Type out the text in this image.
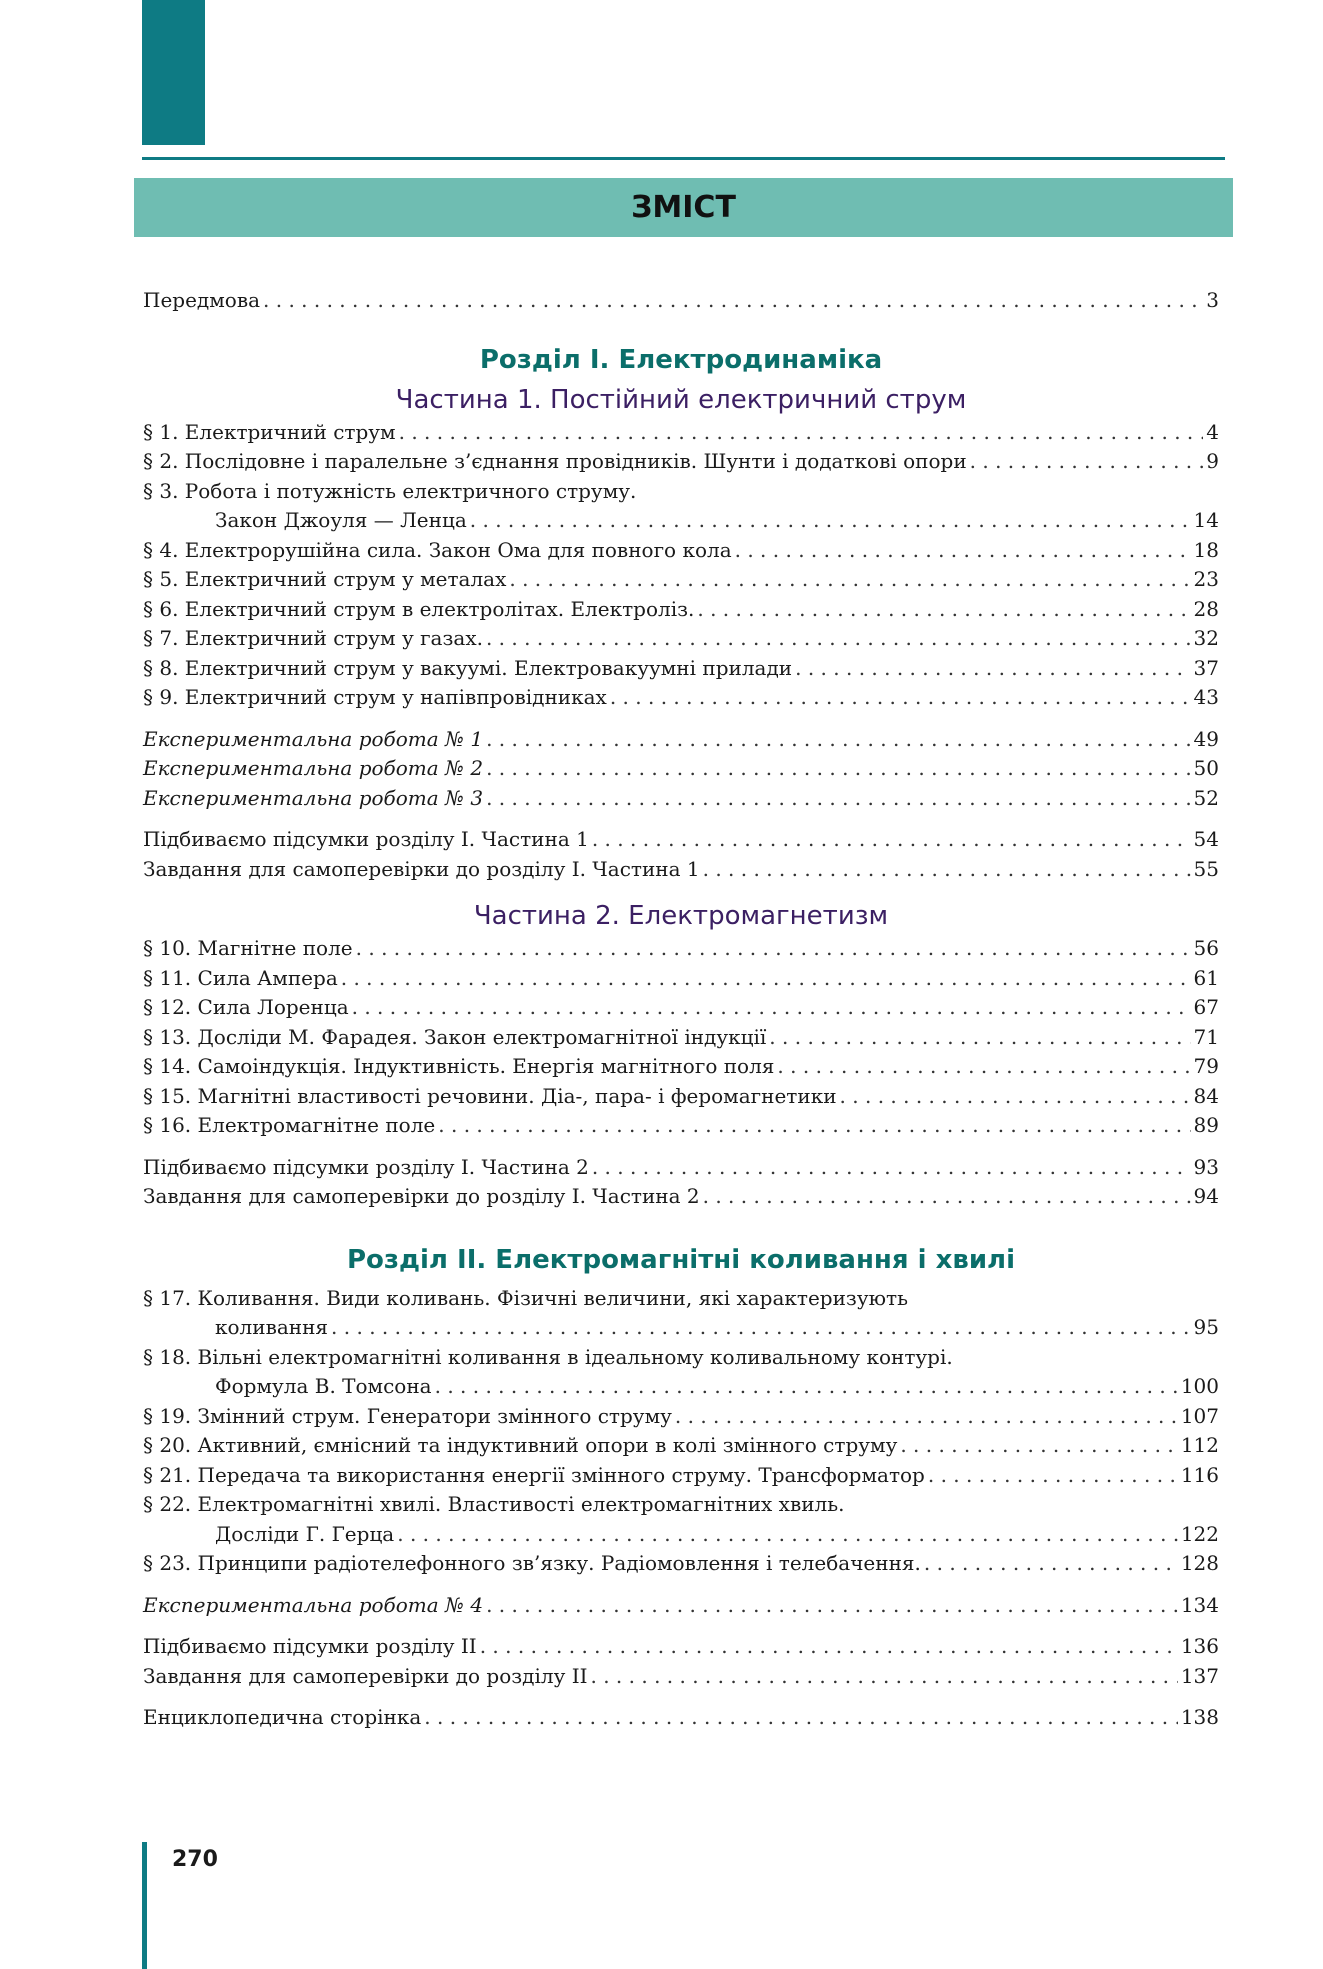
ЗМІСТ
Передмова . . .	3
Розділ I. Електродинаміка
Частина 1. Постійний електричний струм
§ 1. Електричний струм . . .	4
§ 2. Послідовне і паралельне з’єднання провідників. Шунти і додаткові опори . . .	9
§ 3. Робота і потужність електричного струму.
Закон Джоуля — Ленца . . .	14
§ 4. Електрорушійна сила. Закон Ома для повного кола . . .	18
§ 5. Електричний струм у металах . . .	23
§ 6. Електричний струм в електролітах. Електроліз. . . .	28
§ 7. Електричний струм у газах. . . .	32
§ 8. Електричний струм у вакуумі. Електровакуумні прилади . . .	37
§ 9. Електричний струм у напівпровідниках . . .	43
Експериментальна робота № 1 . . .	49
Експериментальна робота № 2 . . .	50
Експериментальна робота № 3 . . .	52
Підбиваємо підсумки розділу I. Частина 1 . . .	54
Завдання для самоперевірки до розділу I. Частина 1 . . .	55
Частина 2. Електромагнетизм
§ 10. Магнітне поле . . .	56
§ 11. Сила Ампера . . .	61
§ 12. Сила Лоренца . . .	67
§ 13. Досліди М. Фарадея. Закон електромагнітної індукції . . .	71
§ 14. Самоіндукція. Індуктивність. Енергія магнітного поля . . .	79
§ 15. Магнітні властивості речовини. Діа-, пара- і феромагнетики . . .	84
§ 16. Електромагнітне поле . . .	89
Підбиваємо підсумки розділу I. Частина 2 . . .	93
Завдання для самоперевірки до розділу I. Частина 2 . . .	94
Розділ II. Електромагнітні коливання і хвилі
§ 17. Коливання. Види коливань. Фізичні величини, які характеризують
коливання . . .	95
§ 18. Вільні електромагнітні коливання в ідеальному коливальному контурі.
Формула В. Томсона . . .	100
§ 19. Змінний струм. Генератори змінного струму . . .	107
§ 20. Активний, ємнісний та індуктивний опори в колі змінного струму . . .	112
§ 21. Передача та використання енергії змінного струму. Трансформатор . . .	116
§ 22. Електромагнітні хвилі. Властивості електромагнітних хвиль.
Досліди Г. Герца . . .	122
§ 23. Принципи радіотелефонного зв’язку. Радіомовлення і телебачення. . . .	128
Експериментальна робота № 4 . . .	134
Підбиваємо підсумки розділу II . . .	136
Завдання для самоперевірки до розділу II . . .	137
Енциклопедична сторінка . . .	138
270
